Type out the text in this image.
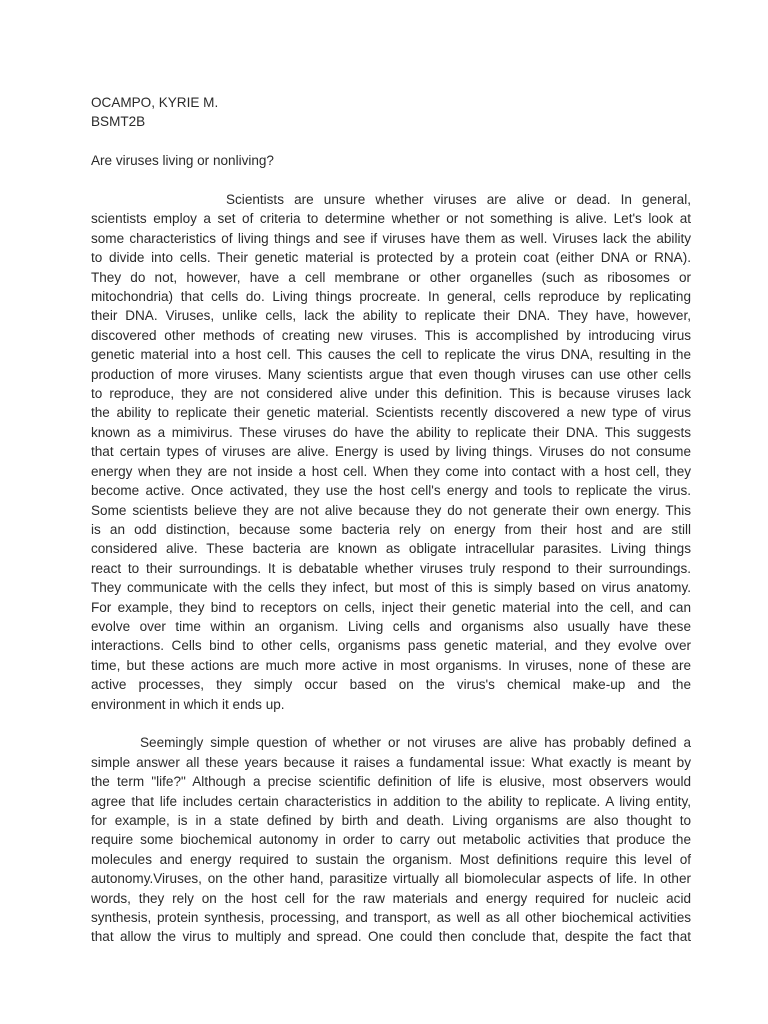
OCAMPO, KYRIE M.
BSMT2B
Are viruses living or nonliving?
Scientists are unsure whether viruses are alive or dead. In general,
scientists employ a set of criteria to determine whether or not something is alive. Let's look at
some characteristics of living things and see if viruses have them as well. Viruses lack the ability
to divide into cells. Their genetic material is protected by a protein coat (either DNA or RNA).
They do not, however, have a cell membrane or other organelles (such as ribosomes or
mitochondria) that cells do. Living things procreate. In general, cells reproduce by replicating
their DNA. Viruses, unlike cells, lack the ability to replicate their DNA. They have, however,
discovered other methods of creating new viruses. This is accomplished by introducing virus
genetic material into a host cell. This causes the cell to replicate the virus DNA, resulting in the
production of more viruses. Many scientists argue that even though viruses can use other cells
to reproduce, they are not considered alive under this definition. This is because viruses lack
the ability to replicate their genetic material. Scientists recently discovered a new type of virus
known as a mimivirus. These viruses do have the ability to replicate their DNA. This suggests
that certain types of viruses are alive. Energy is used by living things. Viruses do not consume
energy when they are not inside a host cell. When they come into contact with a host cell, they
become active. Once activated, they use the host cell's energy and tools to replicate the virus.
Some scientists believe they are not alive because they do not generate their own energy. This
is an odd distinction, because some bacteria rely on energy from their host and are still
considered alive. These bacteria are known as obligate intracellular parasites. Living things
react to their surroundings. It is debatable whether viruses truly respond to their surroundings.
They communicate with the cells they infect, but most of this is simply based on virus anatomy.
For example, they bind to receptors on cells, inject their genetic material into the cell, and can
evolve over time within an organism. Living cells and organisms also usually have these
interactions. Cells bind to other cells, organisms pass genetic material, and they evolve over
time, but these actions are much more active in most organisms. In viruses, none of these are
active processes, they simply occur based on the virus's chemical make-up and the
environment in which it ends up.
Seemingly simple question of whether or not viruses are alive has probably defined a
simple answer all these years because it raises a fundamental issue: What exactly is meant by
the term "life?" Although a precise scientific definition of life is elusive, most observers would
agree that life includes certain characteristics in addition to the ability to replicate. A living entity,
for example, is in a state defined by birth and death. Living organisms are also thought to
require some biochemical autonomy in order to carry out metabolic activities that produce the
molecules and energy required to sustain the organism. Most definitions require this level of
autonomy.Viruses, on the other hand, parasitize virtually all biomolecular aspects of life. In other
words, they rely on the host cell for the raw materials and energy required for nucleic acid
synthesis, protein synthesis, processing, and transport, as well as all other biochemical activities
that allow the virus to multiply and spread. One could then conclude that, despite the fact that
